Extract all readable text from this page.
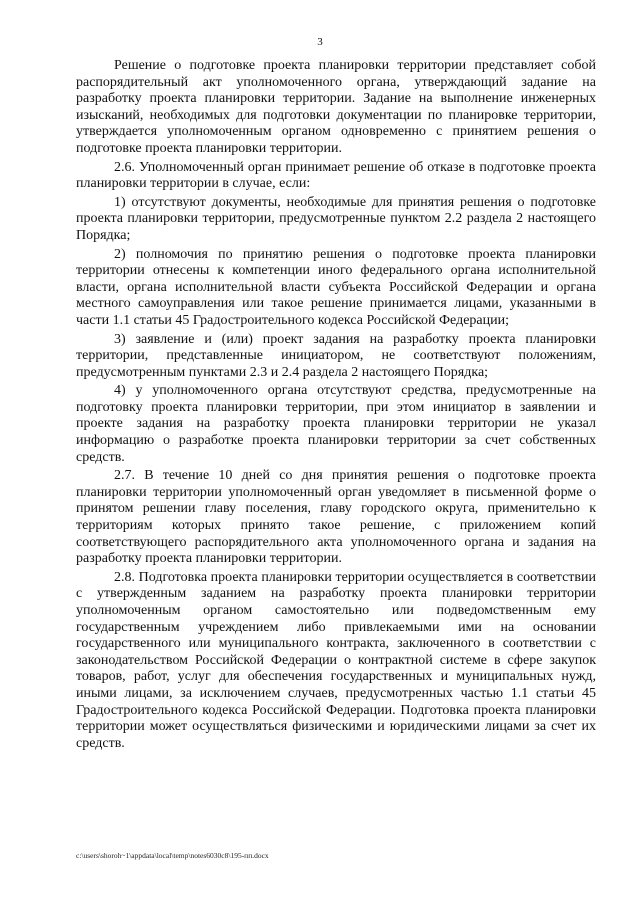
3

Решение о подготовке проекта планировки территории представляет собой распорядительный акт уполномоченного органа, утверждающий задание на разработку проекта планировки территории. Задание на выполнение инженерных изысканий, необходимых для подготовки документации по планировке территории, утверждается уполномоченным органом одновременно с принятием решения о подготовке проекта планировки территории.

2.6. Уполномоченный орган принимает решение об отказе в подготовке проекта планировки территории в случае, если:

1) отсутствуют документы, необходимые для принятия решения о подготовке проекта планировки территории, предусмотренные пунктом 2.2 раздела 2 настоящего Порядка;

2) полномочия по принятию решения о подготовке проекта планировки территории отнесены к компетенции иного федерального органа исполнительной власти, органа исполнительной власти субъекта Российской Федерации и органа местного самоуправления или такое решение принимается лицами, указанными в части 1.1 статьи 45 Градостроительного кодекса Российской Федерации;

3) заявление и (или) проект задания на разработку проекта планировки территории, представленные инициатором, не соответствуют положениям, предусмотренным пунктами 2.3 и 2.4 раздела 2 настоящего Порядка;

4) у уполномоченного органа отсутствуют средства, предусмотренные на подготовку проекта планировки территории, при этом инициатор в заявлении и проекте задания на разработку проекта планировки территории не указал информацию о разработке проекта планировки территории за счет собственных средств.

2.7. В течение 10 дней со дня принятия решения о подготовке проекта планировки территории уполномоченный орган уведомляет в письменной форме о принятом решении главу поселения, главу городского округа, применительно к территориям которых принято такое решение, с приложением копий соответствующего распорядительного акта уполномоченного органа и задания на разработку проекта планировки территории.

2.8. Подготовка проекта планировки территории осуществляется в соответствии с утвержденным заданием на разработку проекта планировки территории уполномоченным органом самостоятельно или подведомственным ему государственным учреждением либо привлекаемыми ими на основании государственного или муниципального контракта, заключенного в соответствии с законодательством Российской Федерации о контрактной системе в сфере закупок товаров, работ, услуг для обеспечения государственных и муниципальных нужд, иными лицами, за исключением случаев, предусмотренных частью 1.1 статьи 45 Градостроительного кодекса Российской Федерации. Подготовка проекта планировки территории может осуществляться физическими и юридическими лицами за счет их средств.

c:\users\shoroh~1\appdata\local\temp\notes6030c8\195-пп.docx
